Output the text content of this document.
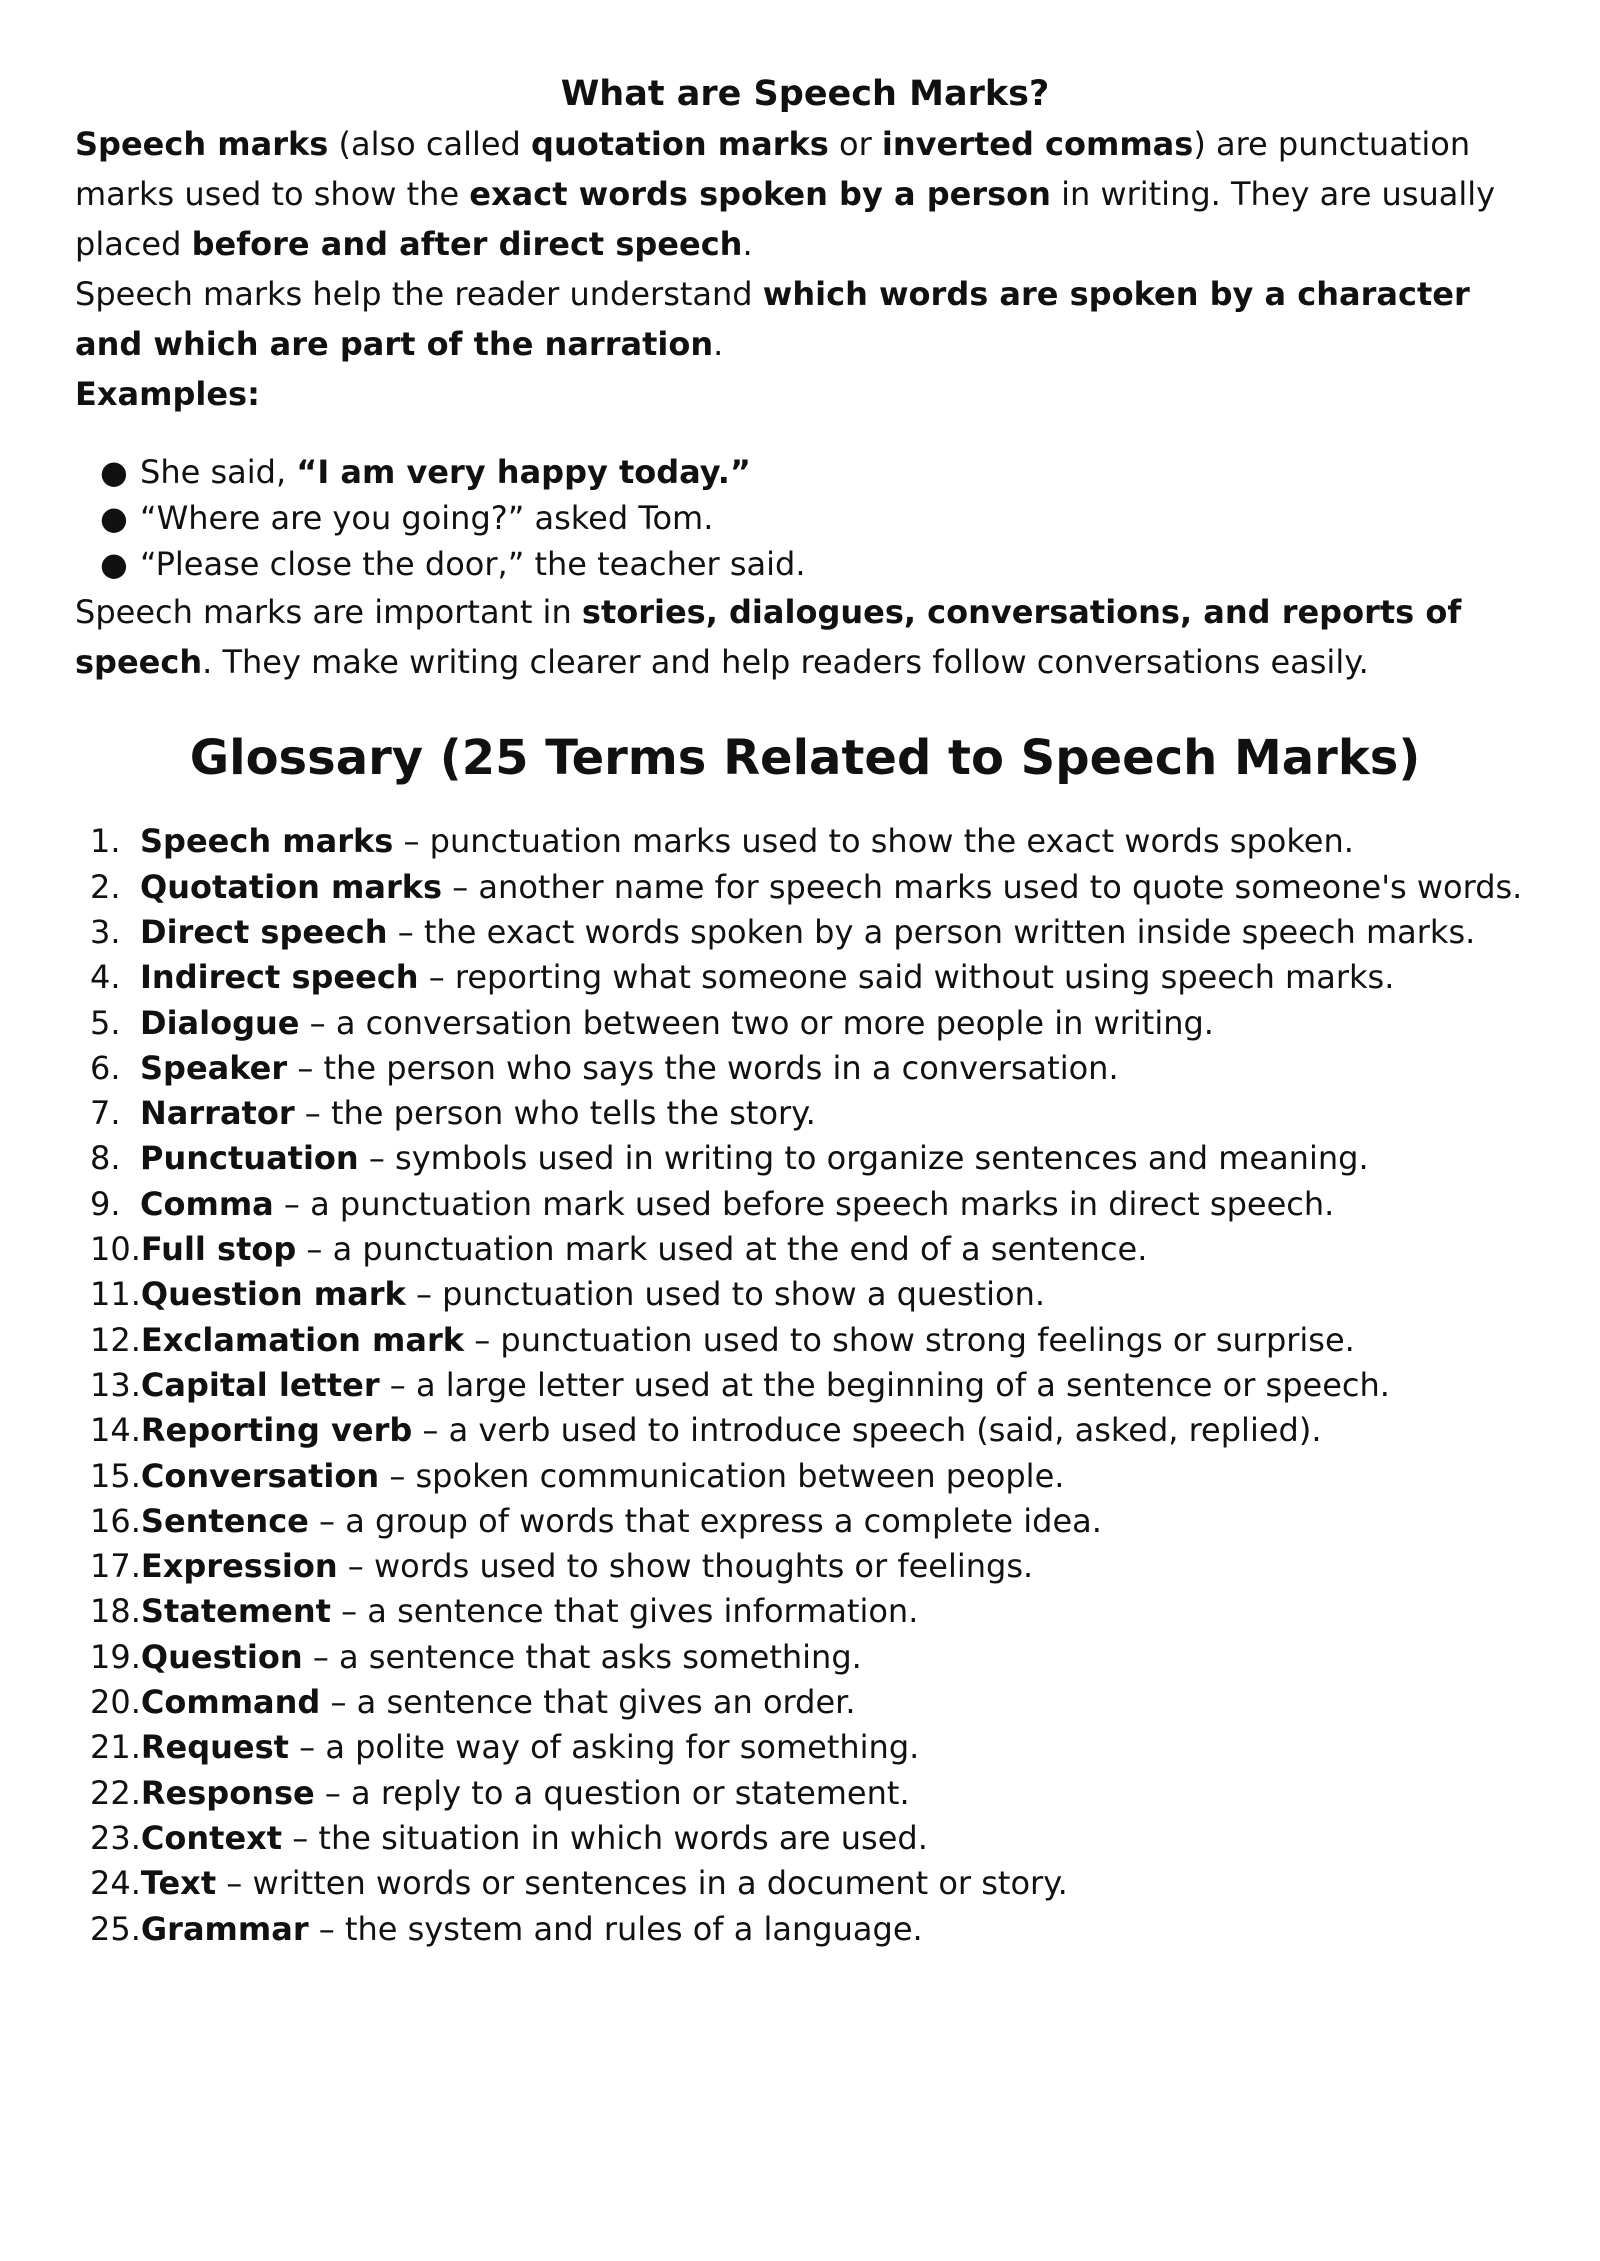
What are Speech Marks?

Speech marks (also called quotation marks or inverted commas) are punctuation marks used to show the exact words spoken by a person in writing. They are usually placed before and after direct speech.

Speech marks help the reader understand which words are spoken by a character and which are part of the narration.

Examples:

● She said, “I am very happy today.”
● “Where are you going?” asked Tom.
● “Please close the door,” the teacher said.

Speech marks are important in stories, dialogues, conversations, and reports of speech. They make writing clearer and help readers follow conversations easily.

Glossary (25 Terms Related to Speech Marks)
1. Speech marks – punctuation marks used to show the exact words spoken.
2. Quotation marks – another name for speech marks used to quote someone's words.
3. Direct speech – the exact words spoken by a person written inside speech marks.
4. Indirect speech – reporting what someone said without using speech marks.
5. Dialogue – a conversation between two or more people in writing.
6. Speaker – the person who says the words in a conversation.
7. Narrator – the person who tells the story.
8. Punctuation – symbols used in writing to organize sentences and meaning.
9. Comma – a punctuation mark used before speech marks in direct speech.
10.Full stop – a punctuation mark used at the end of a sentence.
11.Question mark – punctuation used to show a question.
12.Exclamation mark – punctuation used to show strong feelings or surprise.
13.Capital letter – a large letter used at the beginning of a sentence or speech.
14.Reporting verb – a verb used to introduce speech (said, asked, replied).
15.Conversation – spoken communication between people.
16.Sentence – a group of words that express a complete idea.
17.Expression – words used to show thoughts or feelings.
18.Statement – a sentence that gives information.
19.Question – a sentence that asks something.
20.Command – a sentence that gives an order.
21.Request – a polite way of asking for something.
22.Response – a reply to a question or statement.
23.Context – the situation in which words are used.
24.Text – written words or sentences in a document or story.
25.Grammar – the system and rules of a language.
